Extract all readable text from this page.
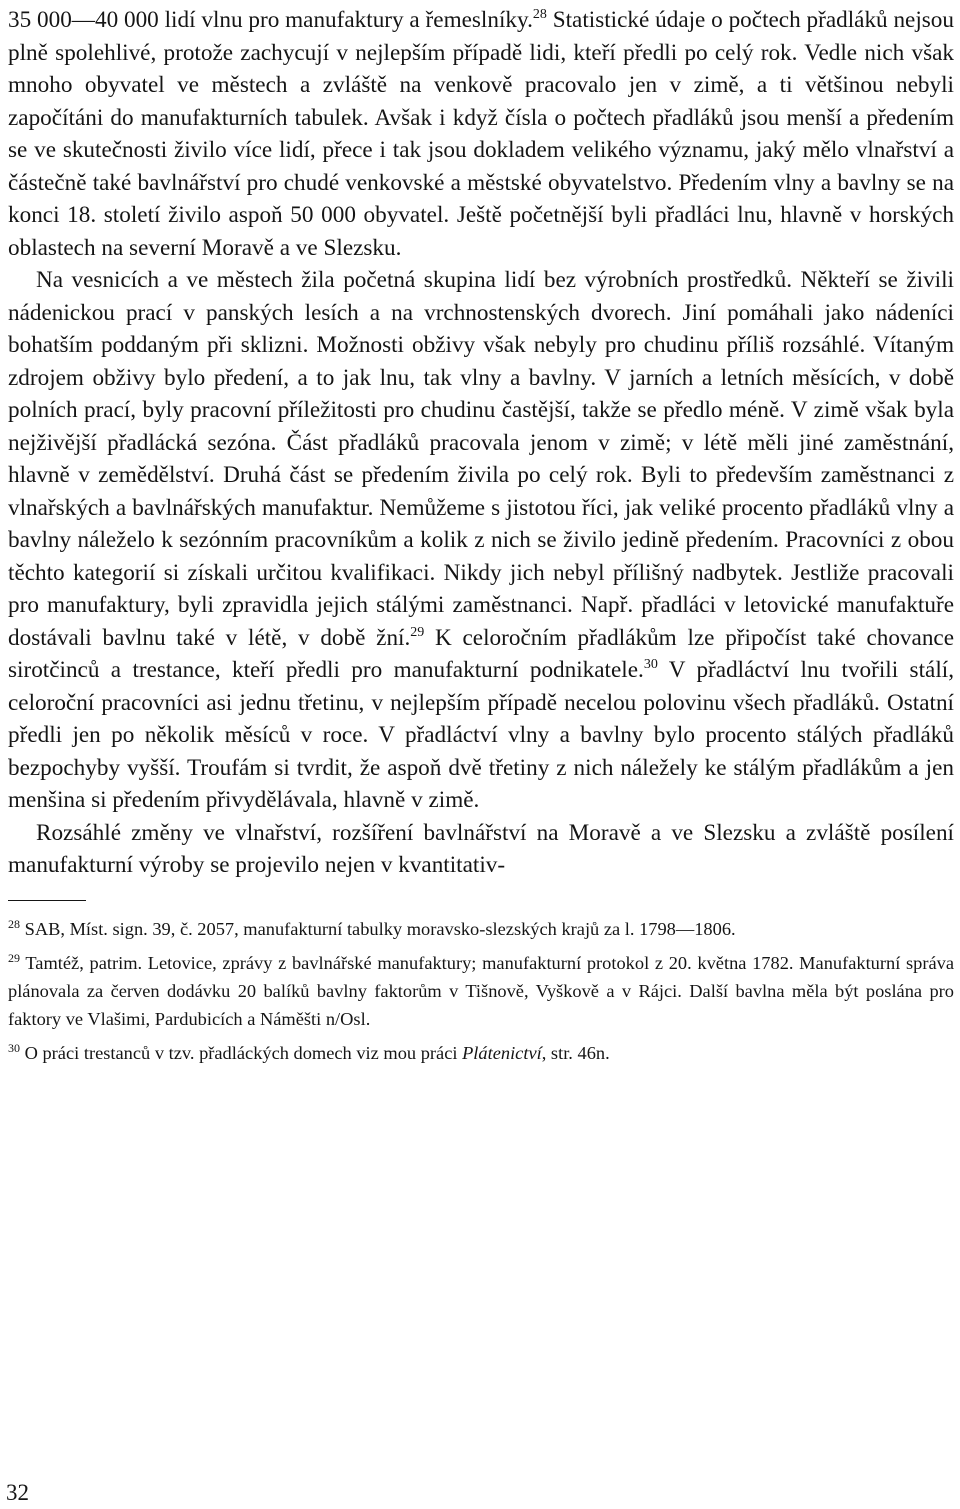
35 000—40 000 lidí vlnu pro manufaktury a řemeslníky.$^{28}$ Statistické údaje o počtech přadláků nejsou plně spolehlivé, protože zachycují v nejlepším případě lidi, kteří předli po celý rok. Vedle nich však mnoho obyvatel ve městech a zvláště na venkově pracovalo jen v zimě, a ti většinou nebyli započítáni do manufakturních tabulek. Avšak i když čísla o počtech přadláků jsou menší a předením se ve skutečnosti živilo více lidí, přece i tak jsou dokladem velikého významu, jaký mělo vlnařství a částečně také bavlnářství pro chudé venkovské a městské obyvatelstvo. Předením vlny a bavlny se na konci 18. století živilo aspoň 50 000 obyvatel. Ještě početnější byli přadláci lnu, hlavně v horských oblastech na severní Moravě a ve Slezsku.

Na vesnicích a ve městech žila početná skupina lidí bez výrobních prostředků. Někteří se živili nádenickou prací v panských lesích a na vrchnostenských dvorech. Jiní pomáhali jako nádeníci bohatším poddaným při sklizni. Možnosti obživy však nebyly pro chudinu příliš rozsáhlé. Vítaným zdrojem obživy bylo předení, a to jak lnu, tak vlny a bavlny. V jarních a letních měsících, v době polních prací, byly pracovní příležitosti pro chudinu častější, takže se předlo méně. V zimě však byla nejživější přadlácká sezóna. Část přadláků pracovala jenom v zimě; v létě měli jiné zaměstnání, hlavně v zemědělství. Druhá část se předením živila po celý rok. Byli to především zaměstnanci z vlnařských a bavlnářských manufaktur. Nemůžeme s jistotou říci, jak veliké procento přadláků vlny a bavlny náleželo k sezónním pracovníkům a kolik z nich se živilo jedině předením. Pracovníci z obou těchto kategorií si získali určitou kvalifikaci. Nikdy jich nebyl přílišný nadbytek. Jestliže pracovali pro manufaktury, byli zpravidla jejich stálými zaměstnanci. Např. přadláci v letovické manufaktuře dostávali bavlnu také v létě, v době žní.$^{29}$ K celoročním přadlákům lze připočíst také chovance sirotčinců a trestance, kteří předli pro manufakturní podnikatele.$^{30}$ V přadláctví lnu tvořili stálí, celoroční pracovníci asi jednu třetinu, v nejlepším případě necelou polovinu všech přadláků. Ostatní předli jen po několik měsíců v roce. V přadláctví vlny a bavlny bylo procento stálých přadláků bezpochyby vyšší. Troufám si tvrdit, že aspoň dvě třetiny z nich náležely ke stálým přadlákům a jen menšina si předením přivydělávala, hlavně v zimě.

Rozsáhlé změny ve vlnařství, rozšíření bavlnářství na Moravě a ve Slezsku a zvláště posílení manufakturní výroby se projevilo nejen v kvantitativ-

$^{28}$ SAB, Míst. sign. 39, č. 2057, manufakturní tabulky moravsko-slezských krajů za l. 1798—1806.

$^{29}$ Tamtéž, patrim. Letovice, zprávy z bavlnářské manufaktury; manufakturní protokol z 20. května 1782. Manufakturní správa plánovala za červen dodávku 20 balíků bavlny faktorům v Tišnově, Vyškově a v Rájci. Další bavlna měla být poslána pro faktory ve Vlašimi, Pardubicích a Náměšti n/Osl.

$^{30}$ O práci trestanců v tzv. přadláckých domech viz mou práci Plátenictví, str. 46n.

32
